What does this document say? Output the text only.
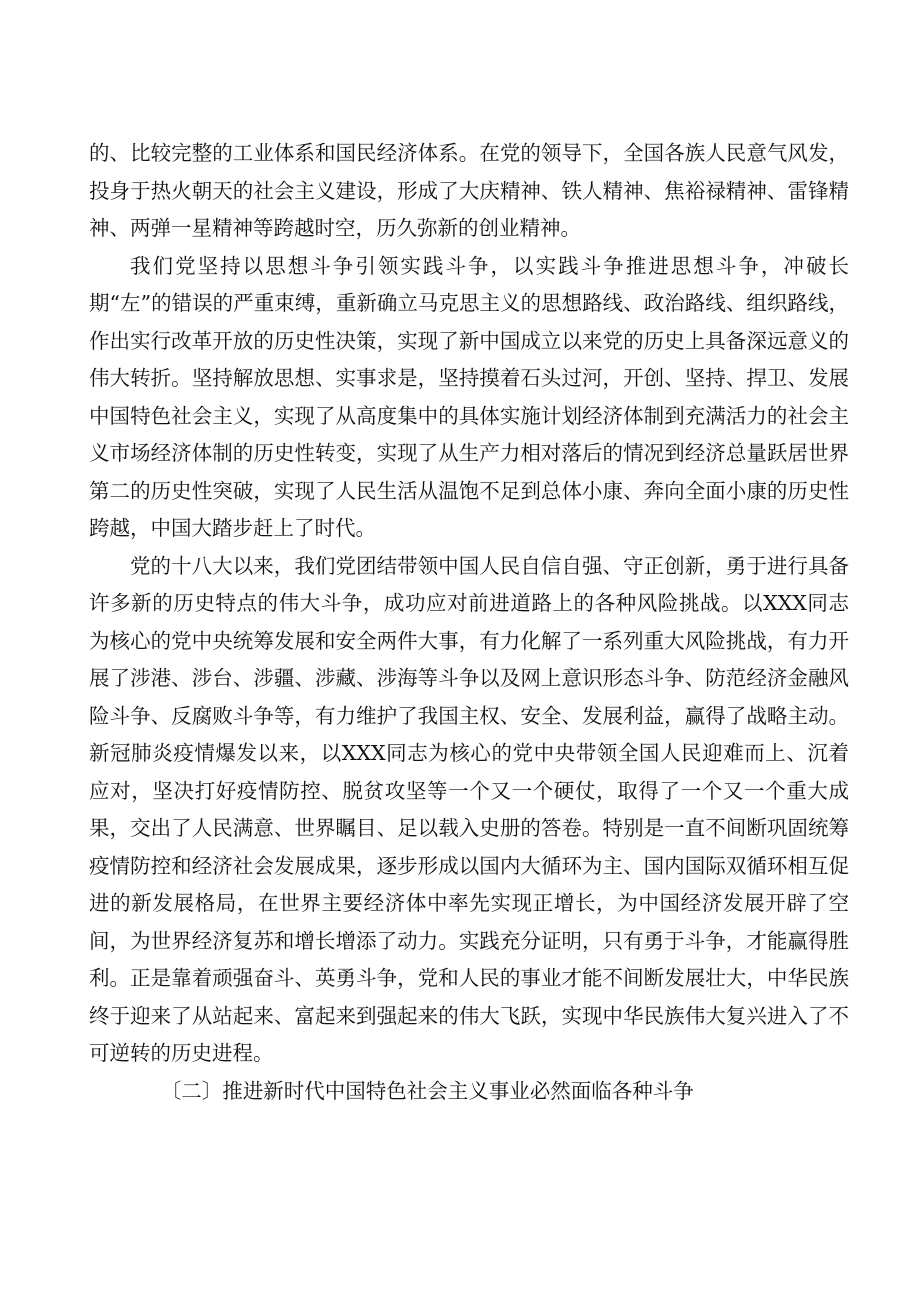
的、比较完整的工业体系和国民经济体系。在党的领导下，全国各族人民意气风发，投身于热火朝天的社会主义建设，形成了大庆精神、铁人精神、焦裕禄精神、雷锋精神、两弹一星精神等跨越时空，历久弥新的创业精神。

我们党坚持以思想斗争引领实践斗争，以实践斗争推进思想斗争，冲破长期“左”的错误的严重束缚，重新确立马克思主义的思想路线、政治路线、组织路线，作出实行改革开放的历史性决策，实现了新中国成立以来党的历史上具备深远意义的伟大转折。坚持解放思想、实事求是，坚持摸着石头过河，开创、坚持、捍卫、发展中国特色社会主义，实现了从高度集中的具体实施计划经济体制到充满活力的社会主义市场经济体制的历史性转变，实现了从生产力相对落后的情况到经济总量跃居世界第二的历史性突破，实现了人民生活从温饱不足到总体小康、奔向全面小康的历史性跨越，中国大踏步赶上了时代。

党的十八大以来，我们党团结带领中国人民自信自强、守正创新，勇于进行具备许多新的历史特点的伟大斗争，成功应对前进道路上的各种风险挑战。以XXX同志为核心的党中央统筹发展和安全两件大事，有力化解了一系列重大风险挑战，有力开展了涉港、涉台、涉疆、涉藏、涉海等斗争以及网上意识形态斗争、防范经济金融风险斗争、反腐败斗争等，有力维护了我国主权、安全、发展利益，赢得了战略主动。新冠肺炎疫情爆发以来，以XXX同志为核心的党中央带领全国人民迎难而上、沉着应对，坚决打好疫情防控、脱贫攻坚等一个又一个硬仗，取得了一个又一个重大成果，交出了人民满意、世界瞩目、足以载入史册的答卷。特别是一直不间断巩固统筹疫情防控和经济社会发展成果，逐步形成以国内大循环为主、国内国际双循环相互促进的新发展格局，在世界主要经济体中率先实现正增长，为中国经济发展开辟了空间，为世界经济复苏和增长增添了动力。实践充分证明，只有勇于斗争，才能赢得胜利。正是靠着顽强奋斗、英勇斗争，党和人民的事业才能不间断发展壮大，中华民族终于迎来了从站起来、富起来到强起来的伟大飞跃，实现中华民族伟大复兴进入了不可逆转的历史进程。

〔二〕推进新时代中国特色社会主义事业必然面临各种斗争
